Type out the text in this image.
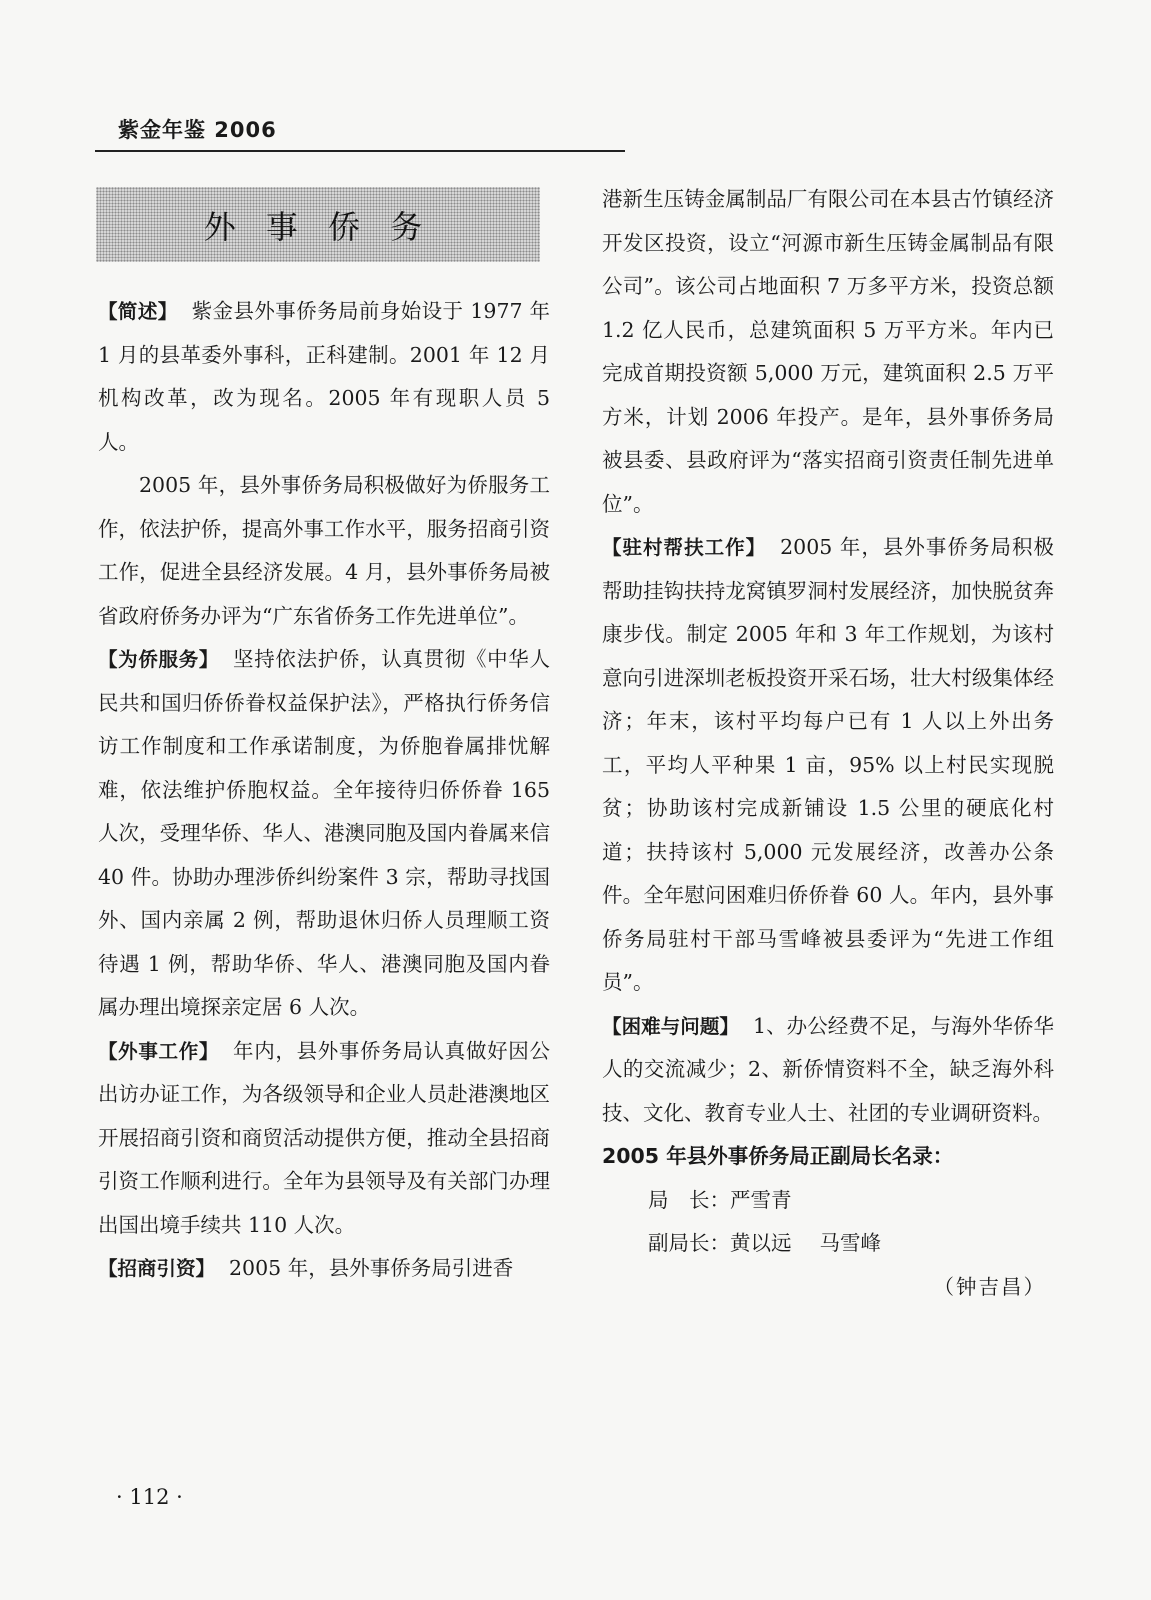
紫金年鉴 2006
外 事 侨 务

【简述】 紫金县外事侨务局前身始设于 1977 年 1 月的县革委外事科，正科建制。2001 年 12 月机构改革，改为现名。2005 年有现职人员 5 人。

2005 年，县外事侨务局积极做好为侨服务工作，依法护侨，提高外事工作水平，服务招商引资工作，促进全县经济发展。4 月，县外事侨务局被省政府侨务办评为“广东省侨务工作先进单位”。

【为侨服务】 坚持依法护侨，认真贯彻《中华人民共和国归侨侨眷权益保护法》，严格执行侨务信访工作制度和工作承诺制度，为侨胞眷属排忧解难，依法维护侨胞权益。全年接待归侨侨眷 165 人次，受理华侨、华人、港澳同胞及国内眷属来信 40 件。协助办理涉侨纠纷案件 3 宗，帮助寻找国外、国内亲属 2 例，帮助退休归侨人员理顺工资待遇 1 例，帮助华侨、华人、港澳同胞及国内眷属办理出境探亲定居 6 人次。

【外事工作】 年内，县外事侨务局认真做好因公出访办证工作，为各级领导和企业人员赴港澳地区开展招商引资和商贸活动提供方便，推动全县招商引资工作顺利进行。全年为县领导及有关部门办理出国出境手续共 110 人次。

【招商引资】 2005 年，县外事侨务局引进香

港新生压铸金属制品厂有限公司在本县古竹镇经济开发区投资，设立“河源市新生压铸金属制品有限公司”。该公司占地面积 7 万多平方米，投资总额 1.2 亿人民币，总建筑面积 5 万平方米。年内已完成首期投资额 5,000 万元，建筑面积 2.5 万平方米，计划 2006 年投产。是年，县外事侨务局被县委、县政府评为“落实招商引资责任制先进单位”。

【驻村帮扶工作】 2005 年，县外事侨务局积极帮助挂钩扶持龙窝镇罗洞村发展经济，加快脱贫奔康步伐。制定 2005 年和 3 年工作规划，为该村意向引进深圳老板投资开采石场，壮大村级集体经济；年末，该村平均每户已有 1 人以上外出务工，平均人平种果 1 亩，95% 以上村民实现脱贫；协助该村完成新铺设 1.5 公里的硬底化村道；扶持该村 5,000 元发展经济，改善办公条件。全年慰问困难归侨侨眷 60 人。年内，县外事侨务局驻村干部马雪峰被县委评为“先进工作组员”。

【困难与问题】 1、办公经费不足，与海外华侨华人的交流减少；2、新侨情资料不全，缺乏海外科技、文化、教育专业人士、社团的专业调研资料。

2005 年县外事侨务局正副局长名录：

局　长：严雪青

副局长：黄以远 马雪峰

（钟吉昌）

· 112 ·
